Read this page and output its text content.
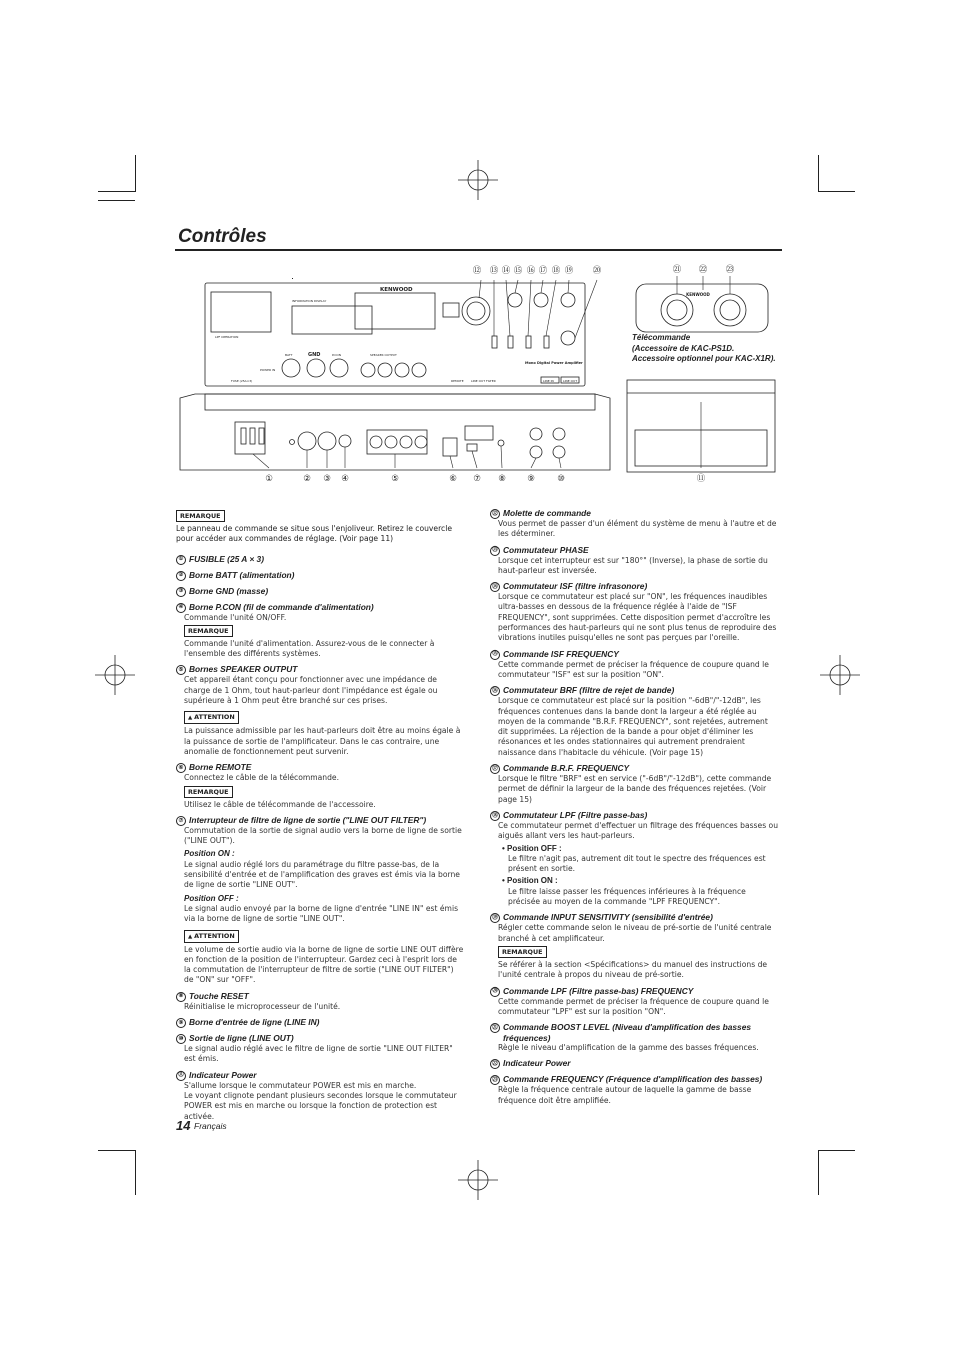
Contrôles
⑫ ⑬ ⑭ ⑮ ⑯ ⑰ ⑱ ⑲ ⑳
①	② ③ ④	⑤	⑥ ⑦ ⑧	⑨	⑩
㉑ ㉒ ㉓
⑪
KENWOOD
KENWOOD
INFORMATION DISPLAY
LPF OPERATION
BATT	GND	P.CON
POWER IN
SPEAKER OUTPUT
REMOTE
FUSE (25A×3)	LINE OUT FILTER	LINE IN	LINE OUT
Mono Digital Power Amplifier
Télécommande
(Accessoire de KAC-PS1D.
Accessoire optionnel pour KAC-X1R).
REMARQUE
Le panneau de commande se situe sous l'enjoliveur. Retirez le couvercle pour accéder aux commandes de réglage. (Voir page 11)
① FUSIBLE (25 A × 3)
② Borne BATT (alimentation)
③ Borne GND (masse)
④ Borne P.CON (fil de commande d'alimentation)
Commande l'unité ON/OFF.
REMARQUE
Commande l'unité d'alimentation. Assurez-vous de le connecter à l'ensemble des différents systèmes.
⑤ Bornes SPEAKER OUTPUT
Cet appareil étant conçu pour fonctionner avec une impédance de charge de 1 Ohm, tout haut-parleur dont l'impédance est égale ou supérieure à 1 Ohm peut être branché sur ces prises.
▲ ATTENTION
La puissance admissible par les haut-parleurs doit être au moins égale à la puissance de sortie de l'amplificateur. Dans le cas contraire, une anomalie de fonctionnement peut survenir.
⑥ Borne REMOTE
Connectez le câble de la télécommande.
REMARQUE
Utilisez le câble de télécommande de l'accessoire.
⑦ Interrupteur de filtre de ligne de sortie ("LINE OUT FILTER")
Commutation de la sortie de signal audio vers la borne de ligne de sortie ("LINE OUT").
Position ON :
Le signal audio réglé lors du paramétrage du filtre passe-bas, de la sensibilité d'entrée et de l'amplification des graves est émis via la borne de ligne de sortie "LINE OUT".
Position OFF :
Le signal audio envoyé par la borne de ligne d'entrée "LINE IN" est émis via la borne de ligne de sortie "LINE OUT".
▲ ATTENTION
Le volume de sortie audio via la borne de ligne de sortie LINE OUT diffère en fonction de la position de l'interrupteur. Gardez ceci à l'esprit lors de la commutation de l'interrupteur de filtre de sortie ("LINE OUT FILTER") de "ON" sur "OFF".
⑧ Touche RESET
Réinitialise le microprocesseur de l'unité.
⑨ Borne d'entrée de ligne (LINE IN)
⑩ Sortie de ligne (LINE OUT)
Le signal audio réglé avec le filtre de ligne de sortie "LINE OUT FILTER" est émis.
⑪ Indicateur Power
S'allume lorsque le commutateur POWER est mis en marche.
Le voyant clignote pendant plusieurs secondes lorsque le commutateur POWER est mis en marche ou lorsque la fonction de protection est activée.
⑫ Molette de commande
Vous permet de passer d'un élément du système de menu à l'autre et de les déterminer.
⑬ Commutateur PHASE
Lorsque cet interrupteur est sur "180°" (Inverse), la phase de sortie du haut-parleur est inversée.
⑭ Commutateur ISF (filtre infrasonore)
Lorsque ce commutateur est placé sur "ON", les fréquences inaudibles ultra-basses en dessous de la fréquence réglée à l'aide de "ISF FREQUENCY", sont supprimées. Cette disposition permet d'accroître les performances des haut-parleurs qui ne sont plus tenus de reproduire des vibrations inutiles puisqu'elles ne sont pas perçues par l'oreille.
⑮ Commande ISF FREQUENCY
Cette commande permet de préciser la fréquence de coupure quand le commutateur "ISF" est sur la position "ON".
⑯ Commutateur BRF (filtre de rejet de bande)
Lorsque ce commutateur est placé sur la position "-6dB"/"-12dB", les fréquences contenues dans la bande dont la largeur a été réglée au moyen de la commande "B.R.F. FREQUENCY", sont rejetées, autrement dit supprimées. La réjection de la bande a pour objet d'éliminer les résonances et les ondes stationnaires qui autrement prendraient naissance dans l'habitacle du véhicule. (Voir page 15)
⑰ Commande B.R.F. FREQUENCY
Lorsque le filtre "BRF" est en service ("-6dB"/"-12dB"), cette commande permet de définir la largeur de la bande des fréquences rejetées. (Voir page 15)
⑱ Commutateur LPF (Filtre passe-bas)
Ce commutateur permet d'effectuer un filtrage des fréquences basses ou aiguës allant vers les haut-parleurs.
• Position OFF :
Le filtre n'agit pas, autrement dit tout le spectre des fréquences est présent en sortie.
• Position ON :
Le filtre laisse passer les fréquences inférieures à la fréquence précisée au moyen de la commande "LPF FREQUENCY".
⑲ Commande INPUT SENSITIVITY (sensibilité d'entrée)
Régler cette commande selon le niveau de pré-sortie de l'unité centrale branché à cet amplificateur.
REMARQUE
Se référer à la section <Spécifications> du manuel des instructions de l'unité centrale à propos du niveau de pré-sortie.
⑳ Commande LPF (Filtre passe-bas) FREQUENCY
Cette commande permet de préciser la fréquence de coupure quand le commutateur "LPF" est sur la position "ON".
㉑ Commande BOOST LEVEL (Niveau d'amplification des basses fréquences)
Règle le niveau d'amplification de la gamme des basses fréquences.
㉒ Indicateur Power
㉓ Commande FREQUENCY (Fréquence d'amplification des basses)
Règle la fréquence centrale autour de laquelle la gamme de basse fréquence doit être amplifiée.
14 Français
